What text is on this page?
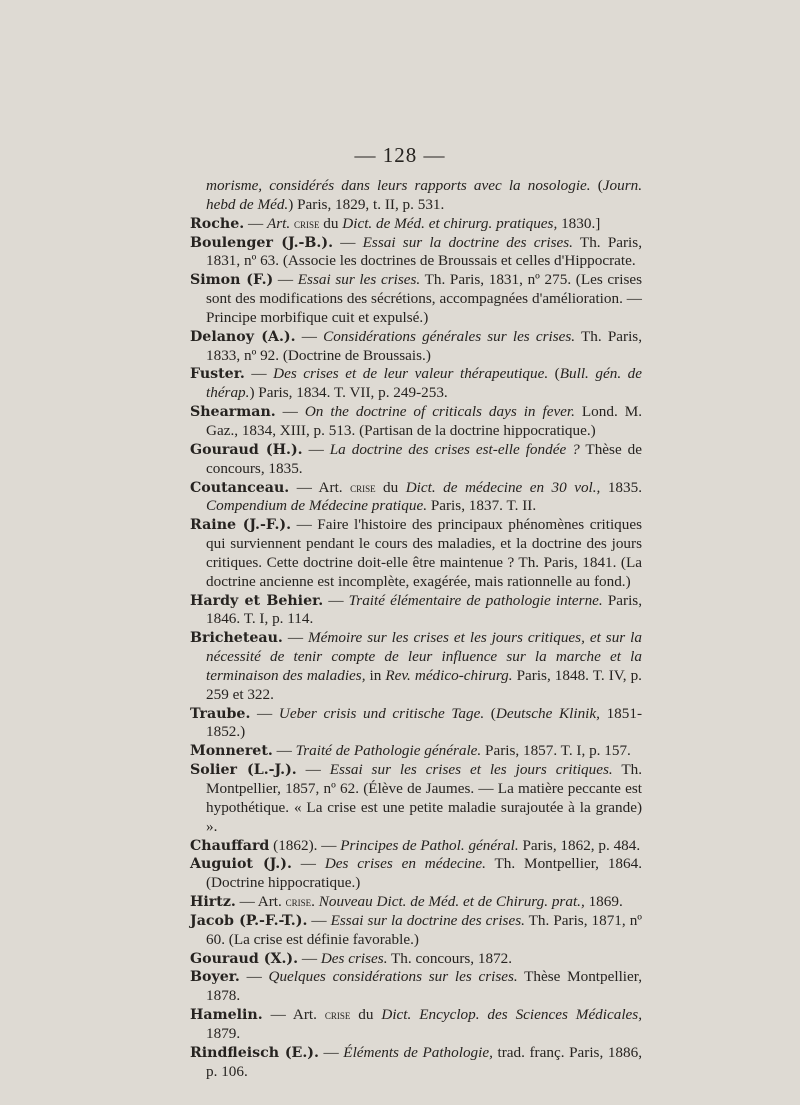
— 128 —

morisme, considérés dans leurs rapports avec la nosologie. (Journ. hebd de Méd.) Paris, 1829, t. II, p. 531.

Roche. — Art. crise du Dict. de Méd. et chirurg. pratiques, 1830.]

Boulenger (J.-B.). — Essai sur la doctrine des crises. Th. Paris, 1831, nº 63. (Associe les doctrines de Broussais et celles d'Hippocrate.

Simon (F.) — Essai sur les crises. Th. Paris, 1831, nº 275. (Les crises sont des modifications des sécrétions, accompagnées d'amélioration. — Principe morbifique cuit et expulsé.)

Delanoy (A.). — Considérations générales sur les crises. Th. Paris, 1833, nº 92. (Doctrine de Broussais.)

Fuster. — Des crises et de leur valeur thérapeutique. (Bull. gén. de thérap.) Paris, 1834. T. VII, p. 249-253.

Shearman. — On the doctrine of criticals days in fever. Lond. M. Gaz., 1834, XIII, p. 513. (Partisan de la doctrine hippocratique.)

Gouraud (H.). — La doctrine des crises est-elle fondée ? Thèse de concours, 1835.

Coutanceau. — Art. crise du Dict. de médecine en 30 vol., 1835. Compendium de Médecine pratique. Paris, 1837. T. II.

Raine (J.-F.). — Faire l'histoire des principaux phénomènes critiques qui surviennent pendant le cours des maladies, et la doctrine des jours critiques. Cette doctrine doit-elle être maintenue ? Th. Paris, 1841. (La doctrine ancienne est incomplète, exagérée, mais rationnelle au fond.)

Hardy et Behier. — Traité élémentaire de pathologie interne. Paris, 1846. T. I, p. 114.

Bricheteau. — Mémoire sur les crises et les jours critiques, et sur la nécessité de tenir compte de leur influence sur la marche et la terminaison des maladies, in Rev. médico-chirurg. Paris, 1848. T. IV, p. 259 et 322.

Traube. — Ueber crisis und critische Tage. (Deutsche Klinik, 1851-1852.)

Monneret. — Traité de Pathologie générale. Paris, 1857. T. I, p. 157.

Solier (L.-J.). — Essai sur les crises et les jours critiques. Th. Montpellier, 1857, nº 62. (Élève de Jaumes. — La matière peccante est hypothétique. « La crise est une petite maladie surajoutée à la grande) ».

Chauffard (1862). — Principes de Pathol. général. Paris, 1862, p. 484.

Auguiot (J.). — Des crises en médecine. Th. Montpellier, 1864. (Doctrine hippocratique.)

Hirtz. — Art. crise. Nouveau Dict. de Méd. et de Chirurg. prat., 1869.

Jacob (P.-F.-T.). — Essai sur la doctrine des crises. Th. Paris, 1871, nº 60. (La crise est définie favorable.)

Gouraud (X.). — Des crises. Th. concours, 1872.

Boyer. — Quelques considérations sur les crises. Thèse Montpellier, 1878.

Hamelin. — Art. crise du Dict. Encyclop. des Sciences Médicales, 1879.

Rindfleisch (E.). — Éléments de Pathologie, trad. franç. Paris, 1886, p. 106.
